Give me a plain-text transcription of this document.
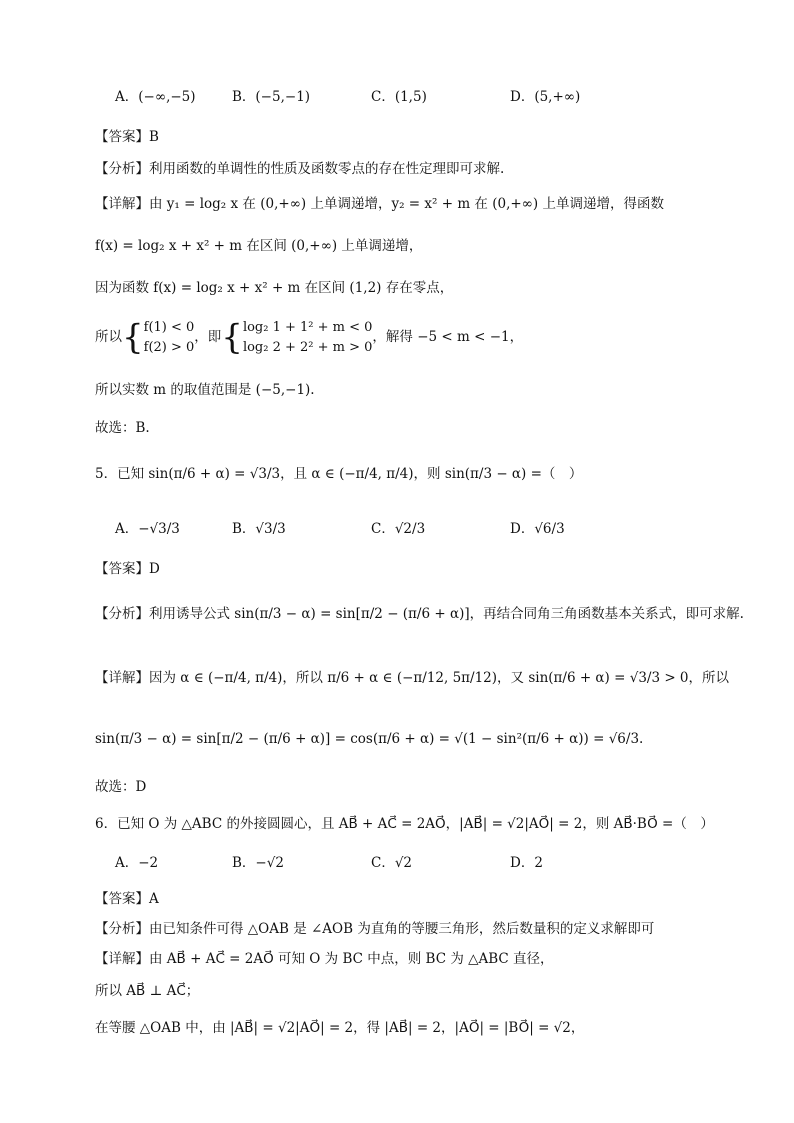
A．(−∞,−5)	B．(−5,−1)	C．(1,5)	D．(5,+∞)
【答案】B
【分析】利用函数的单调性的性质及函数零点的存在性定理即可求解.
【详解】由 y₁ = log₂ x 在 (0,+∞) 上单调递增，y₂ = x² + m 在 (0,+∞) 上单调递增，得函数
f(x) = log₂ x + x² + m 在区间 (0,+∞) 上单调递增，
因为函数 f(x) = log₂ x + x² + m 在区间 (1,2) 存在零点，
所以{ f(1) < 0
f(2) > 0
，即{ log₂ 1 + 1² + m < 0
log₂ 2 + 2² + m > 0
，解得 −5 < m < −1，
所以实数 m 的取值范围是 (−5,−1).
故选：B.
5．已知 sin(π/6 + α) = √3/3，且 α ∈ (−π/4, π/4)，则 sin(π/3 − α) =（　）
A．−√3/3	B．√3/3	C．√2/3	D．√6/3
【答案】D
【分析】利用诱导公式 sin(π/3 − α) = sin[π/2 − (π/6 + α)]，再结合同角三角函数基本关系式，即可求解.
【详解】因为 α ∈ (−π/4, π/4)，所以 π/6 + α ∈ (−π/12, 5π/12)，又 sin(π/6 + α) = √3/3 > 0，所以
sin(π/3 − α) = sin[π/2 − (π/6 + α)] = cos(π/6 + α) = √(1 − sin²(π/6 + α)) = √6/3.
故选：D
6．已知 O 为 △ABC 的外接圆圆心，且 AB⃗ + AC⃗ = 2AO⃗，|AB⃗| = √2|AO⃗| = 2，则 AB⃗·BO⃗ =（　）
A．−2	B．−√2	C．√2	D．2
【答案】A
【分析】由已知条件可得 △OAB 是 ∠AOB 为直角的等腰三角形，然后数量积的定义求解即可
【详解】由 AB⃗ + AC⃗ = 2AO⃗ 可知 O 为 BC 中点，则 BC 为 △ABC 直径，
所以 AB⃗ ⊥ AC⃗；
在等腰 △OAB 中，由 |AB⃗| = √2|AO⃗| = 2，得 |AB⃗| = 2，|AO⃗| = |BO⃗| = √2，
